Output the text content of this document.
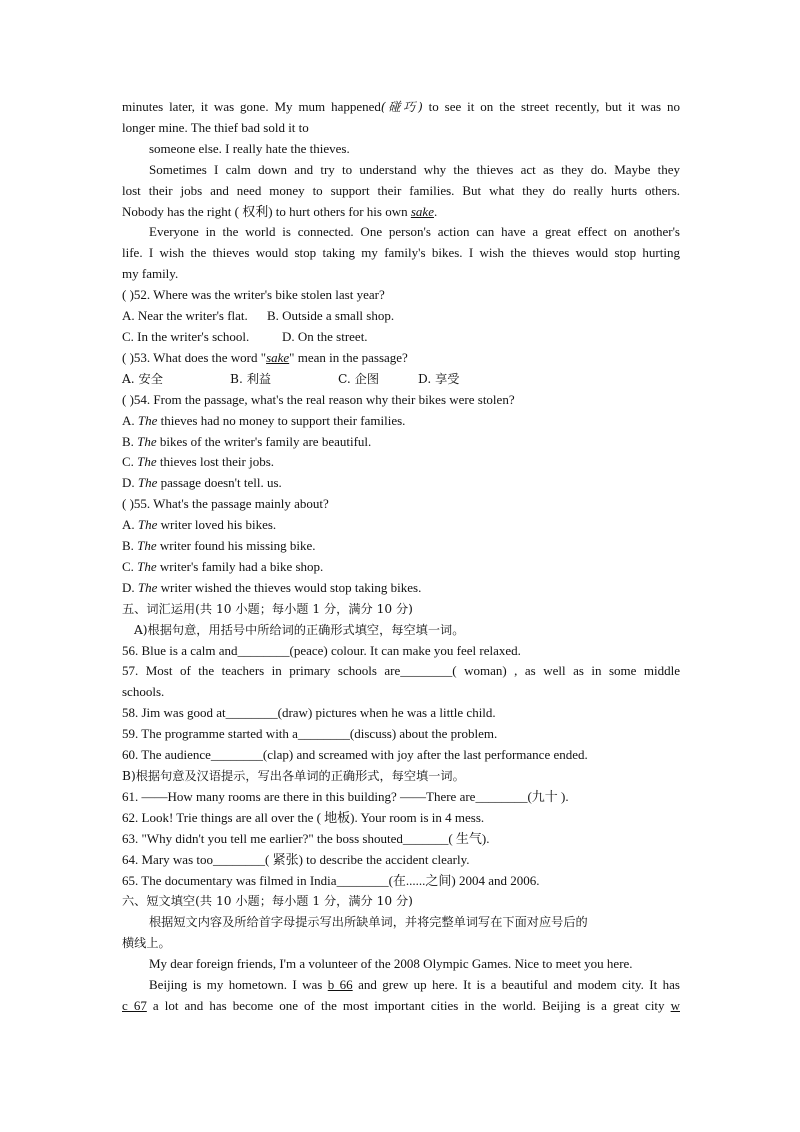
minutes later, it was gone. My mum happened(碰巧) to see it on the street recently, but it was no
longer mine. The thief bad sold it to
someone else. I really hate the thieves.
Sometimes I calm down and try to understand why the thieves act as they do. Maybe they
lost their jobs and need money to support their families. But what they do really hurts others.
Nobody has the right ( 权利) to hurt others for his own sake.
Everyone in the world is connected. One person's action can have a great effect on another's
life. I wish the thieves would stop taking my family's bikes. I wish the thieves would stop hurting
my family.
( )52. Where was the writer's bike stolen last year?
A. Near the writer's flat. B. Outside a small shop.
C. In the writer's school.	D. On the street.
( )53. What does the word "sake" mean in the passage?
A. 安全	B. 利益	C. 企图	D. 享受
( )54. From the passage, what's the real reason why their bikes were stolen?
A. The thieves had no money to support their families.
B. The bikes of the writer's family are beautiful.
C. The thieves lost their jobs.
D. The passage doesn't tell. us.
( )55. What's the passage mainly about?
A. The writer loved his bikes.
B. The writer found his missing bike.
C. The writer's family had a bike shop.
D. The writer wished the thieves would stop taking bikes.
五、词汇运用(共 10 小题；每小题 1 分，满分 10 分)
A)根据句意，用括号中所给词的正确形式填空，每空填一词。
56. Blue is a calm and________(peace) colour. It can make you feel relaxed.
57. Most of the teachers in primary schools are________( woman) , as well as in some middle
schools.
58. Jim was good at________(draw) pictures when he was a little child.
59. The programme started with a________(discuss) about the problem.
60. The audience________(clap) and screamed with joy after the last performance ended.
B)根据句意及汉语提示，写出各单词的正确形式，每空填一词。
61. ——How many rooms are there in this building? ——There are________(九十 ).
62. Look! Trie things are all over the ( 地板). Your room is in 4 mess.
63. "Why didn't you tell me earlier?" the boss shouted_______( 生气).
64. Mary was too________( 紧张) to describe the accident clearly.
65. The documentary was filmed in India________(在......之间) 2004 and 2006.
六、短文填空(共 10 小题；每小题 1 分，满分 10 分)
根据短文内容及所给首字母提示写出所缺单词，并将完整单词写在下面对应号后的
横线上。
My dear foreign friends, I'm a volunteer of the 2008 Olympic Games. Nice to meet you here.
Beijing is my hometown. I was b 66 and grew up here. It is a beautiful and modem city. It has
c 67 a lot and has become one of the most important cities in the world. Beijing is a great city w
